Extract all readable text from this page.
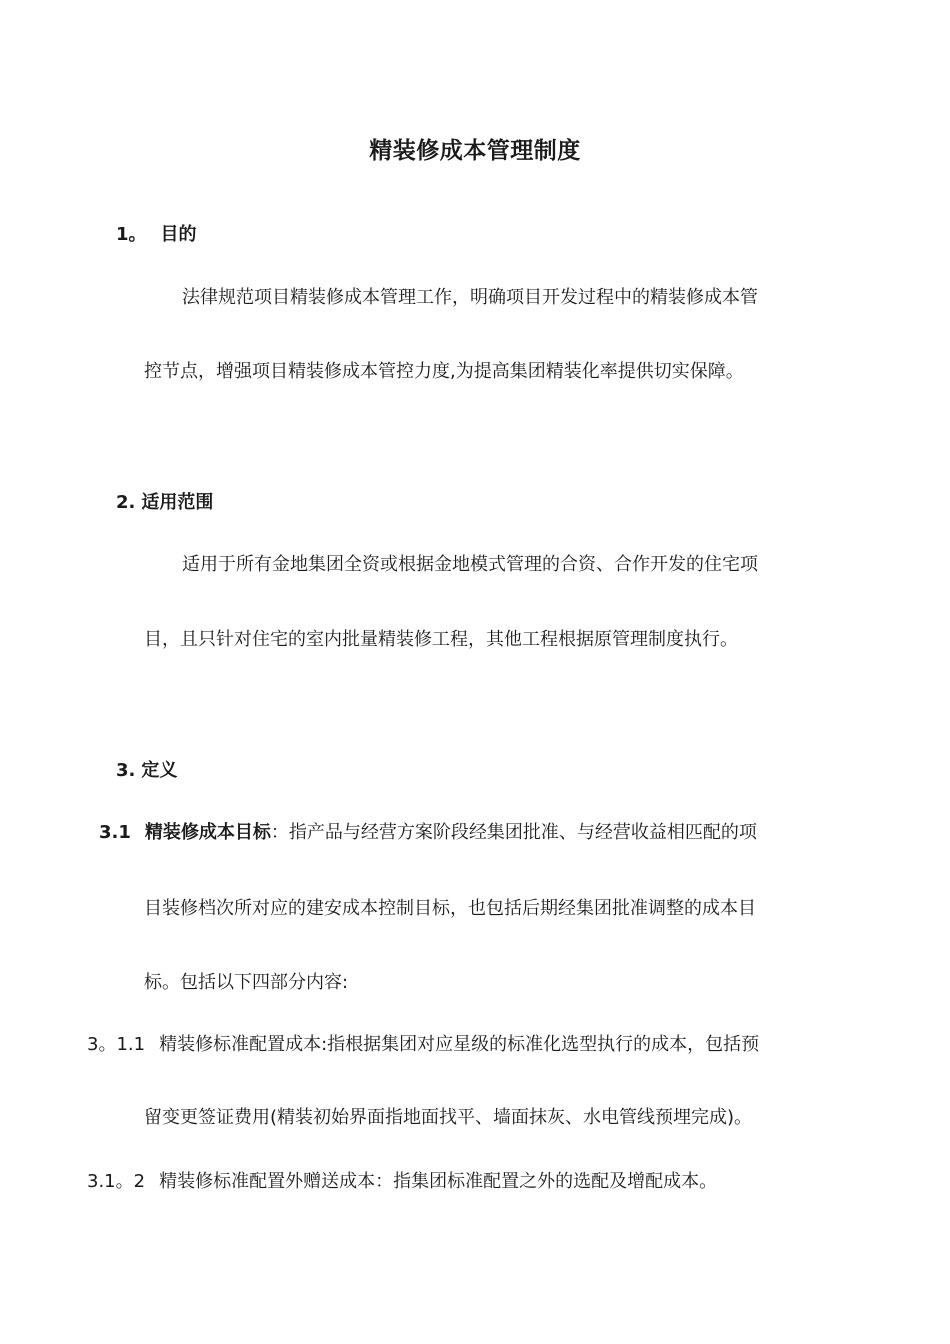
精装修成本管理制度
1。 目的
法律规范项目精装修成本管理工作，明确项目开发过程中的精装修成本管
控节点，增强项目精装修成本管控力度,为提高集团精装化率提供切实保障。
2. 适用范围
适用于所有金地集团全资或根据金地模式管理的合资、合作开发的住宅项
目，且只针对住宅的室内批量精装修工程，其他工程根据原管理制度执行。
3. 定义
3.1 精装修成本目标：指产品与经营方案阶段经集团批准、与经营收益相匹配的项
目装修档次所对应的建安成本控制目标，也包括后期经集团批准调整的成本目
标。包括以下四部分内容:
3。1.1 精装修标准配置成本:指根据集团对应星级的标准化选型执行的成本，包括预
留变更签证费用(精装初始界面指地面找平、墙面抹灰、水电管线预埋完成)。
3.1。2 精装修标准配置外赠送成本：指集团标准配置之外的选配及增配成本。
